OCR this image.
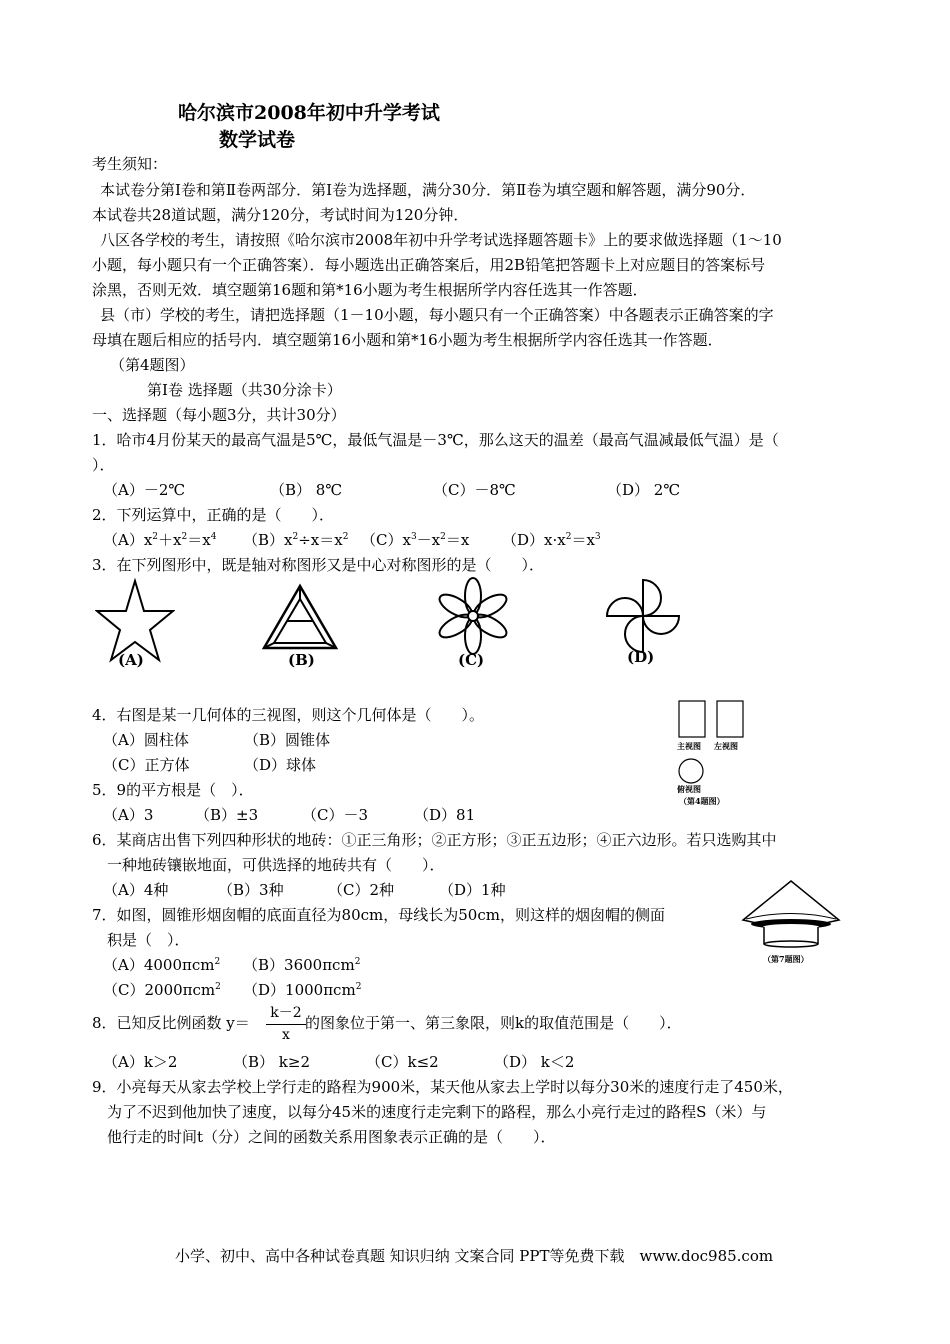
哈尔滨市2008年初中升学考试
数学试卷
考生须知：
本试卷分第Ⅰ卷和第Ⅱ卷两部分．第Ⅰ卷为选择题，满分30分．第Ⅱ卷为填空题和解答题，满分90分．
本试卷共28道试题，满分120分，考试时间为120分钟．
八区各学校的考生，请按照《哈尔滨市2008年初中升学考试选择题答题卡》上的要求做选择题（1～10
小题，每小题只有一个正确答案）．每小题选出正确答案后，用2B铅笔把答题卡上对应题目的答案标号
涂黑，否则无效．填空题第16题和第*16小题为考生根据所学内容任选其一作答题．
县（市）学校的考生，请把选择题（1－10小题，每小题只有一个正确答案）中各题表示正确答案的字
母填在题后相应的括号内．填空题第16小题和第*16小题为考生根据所学内容任选其一作答题．
（第4题图）
第Ⅰ卷 选择题（共30分涂卡）
一、选择题（每小题3分，共计30分）
1．哈市4月份某天的最高气温是5℃，最低气温是－3℃，那么这天的温差（最高气温减最低气温）是（
）．
（A）－2℃	（B） 8℃	（C）－8℃	（D） 2℃
2．下列运算中，正确的是（　　）．
$(A)x^2+x^2=x^4$ $(B)x^2\div x=x^2$ $(C)x^3-x^2=x$ $(D)x\cdot x^2=x^3$
3．在下列图形中，既是轴对称图形又是中心对称图形的是（　　）．
(A)	(B)	(C)	(D)
4．右图是某一几何体的三视图，则这个几何体是（　　）。
（A）圆柱体	（B）圆锥体
（C）正方体	（D）球体
主视图 左视图
俯视图
（第4题图）
5．9的平方根是（　）．
（A）3	（B）±3	（C）－3	（D）81
6．某商店出售下列四种形状的地砖：①正三角形；②正方形；③正五边形；④正六边形。若只选购其中
一种地砖镶嵌地面，可供选择的地砖共有（　　）．
（A）4种	（B）3种	（C）2种	（D）1种
7．如图，圆锥形烟囱帽的底面直径为80cm，母线长为50cm，则这样的烟囱帽的侧面
积是（　）．
（A）4000πcm$^2$ （B）3600πcm$^2$
（C）2000πcm$^2$ （D）1000πcm$^2$
（第7题图）
8．已知反比例函数 y＝
k－2
x
的图象位于第一、第三象限，则k的取值范围是（　　）．
（A）k＞2	（B） k≥2	（C）k≤2	（D） k＜2
9．小亮每天从家去学校上学行走的路程为900米，某天他从家去上学时以每分30米的速度行走了450米，
为了不迟到他加快了速度，以每分45米的速度行走完剩下的路程，那么小亮行走过的路程S（米）与
他行走的时间t（分）之间的函数关系用图象表示正确的是（　　）．
小学、初中、高中各种试卷真题 知识归纳 文案合同 PPT等免费下载　www.doc985.com
